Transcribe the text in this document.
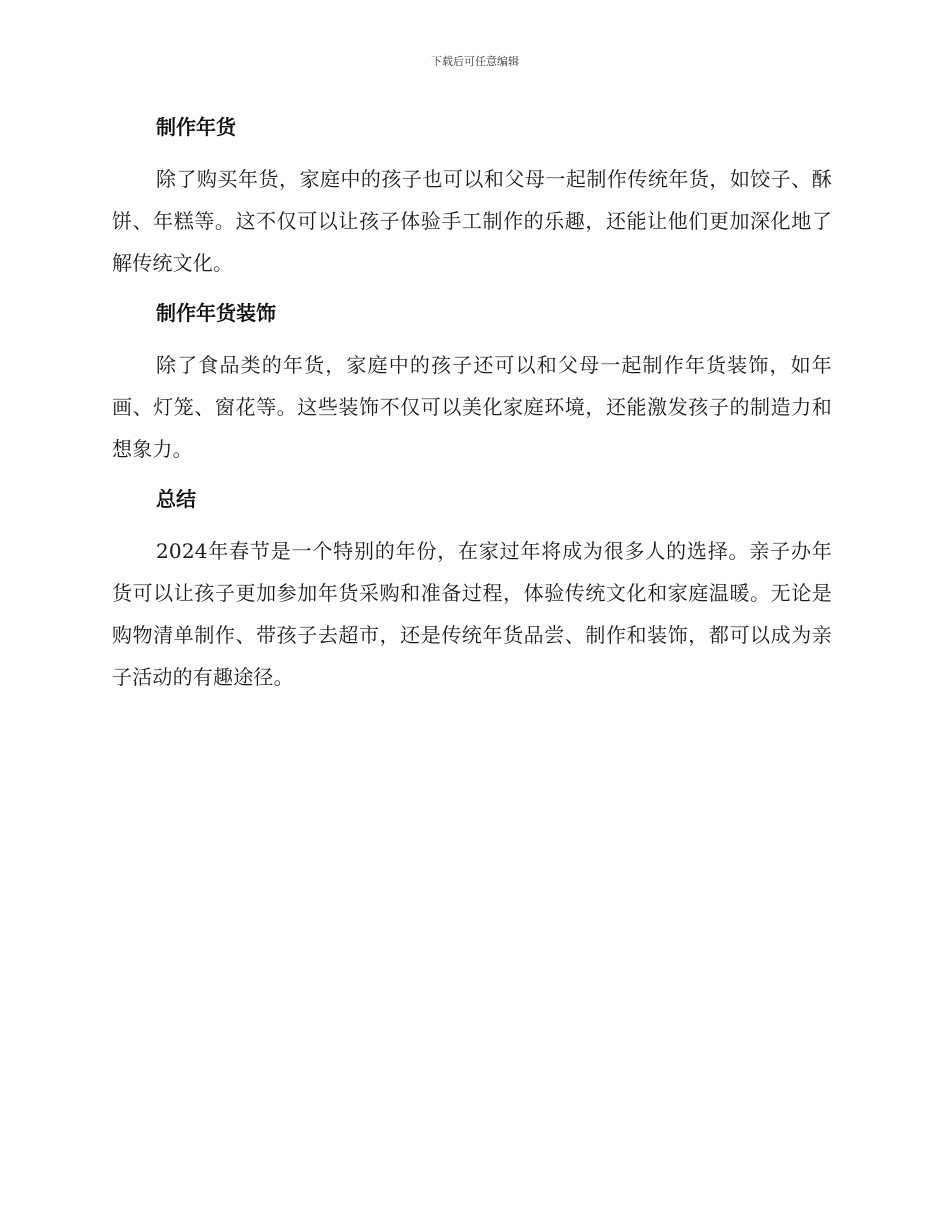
下载后可任意编辑
制作年货

除了购买年货，家庭中的孩子也可以和父母一起制作传统年货，如饺子、酥饼、年糕等。这不仅可以让孩子体验手工制作的乐趣，还能让他们更加深化地了解传统文化。

制作年货装饰

除了食品类的年货，家庭中的孩子还可以和父母一起制作年货装饰，如年画、灯笼、窗花等。这些装饰不仅可以美化家庭环境，还能激发孩子的制造力和想象力。

总结

2024年春节是一个特别的年份，在家过年将成为很多人的选择。亲子办年货可以让孩子更加参加年货采购和准备过程，体验传统文化和家庭温暖。无论是购物清单制作、带孩子去超市，还是传统年货品尝、制作和装饰，都可以成为亲子活动的有趣途径。
